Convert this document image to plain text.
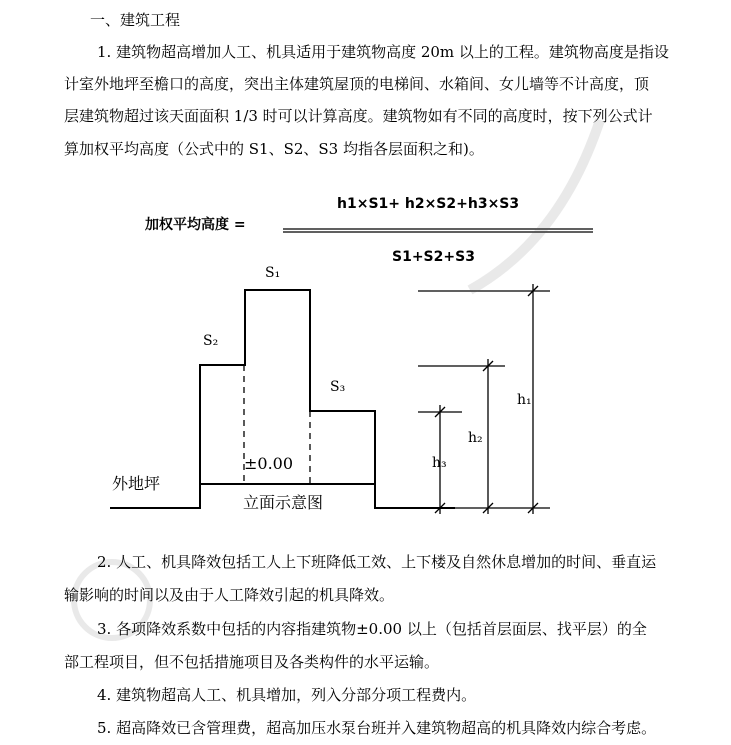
一、建筑工程

1. 建筑物超高增加人工、机具适用于建筑物高度 20m 以上的工程。建筑物高度是指设

计室外地坪至檐口的高度，突出主体建筑屋顶的电梯间、水箱间、女儿墙等不计高度，顶

层建筑物超过该天面面积 1/3 时可以计算高度。建筑物如有不同的高度时，按下列公式计

算加权平均高度（公式中的 S1、S2、S3 均指各层面积之和)。

h1×S1+ h2×S2+h3×S3

加权平均高度 =

S1+S2+S3

S₁

S₂

S₃

h₁

h₂

h₃

±0.00

外地坪

立面示意图

2. 人工、机具降效包括工人上下班降低工效、上下楼及自然休息增加的时间、垂直运

输影响的时间以及由于人工降效引起的机具降效。

3. 各项降效系数中包括的内容指建筑物±0.00 以上（包括首层面层、找平层）的全

部工程项目，但不包括措施项目及各类构件的水平运输。

4. 建筑物超高人工、机具增加，列入分部分项工程费内。

5. 超高降效已含管理费，超高加压水泵台班并入建筑物超高的机具降效内综合考虑。
